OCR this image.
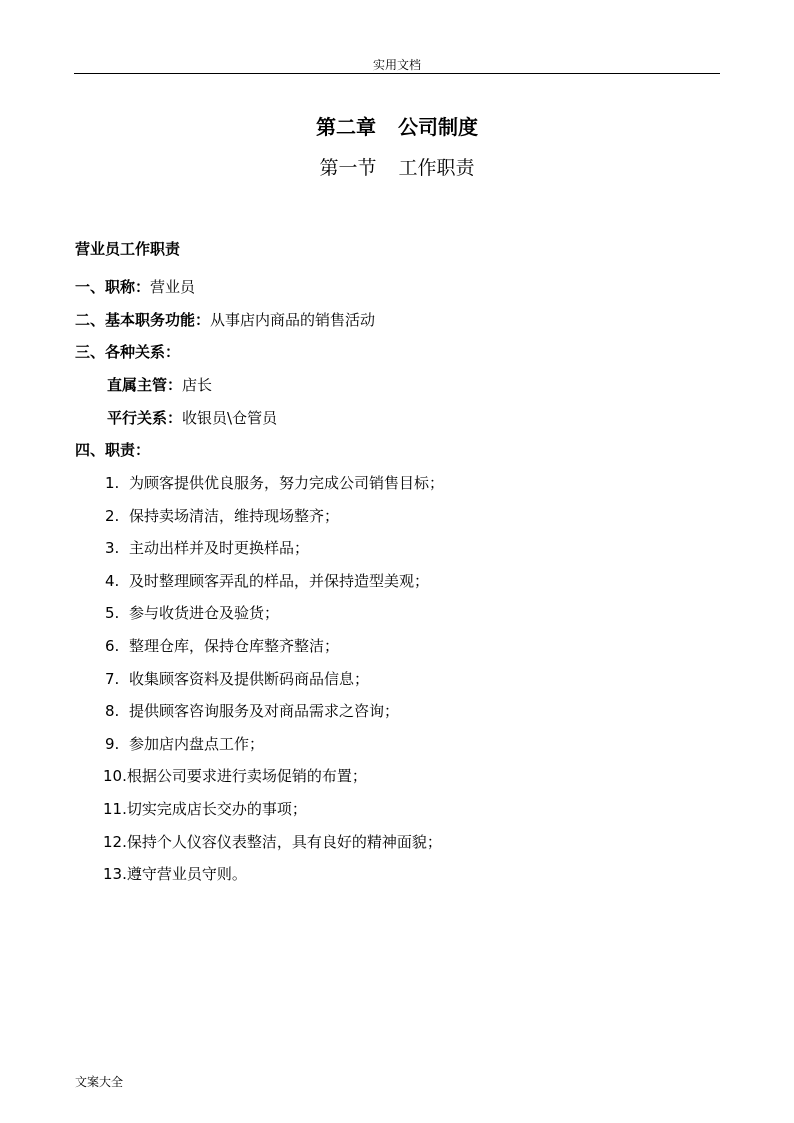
实用文档
第二章 公司制度
第一节 工作职责
营业员工作职责
一、职称：营业员
二、基本职务功能：从事店内商品的销售活动
三、各种关系：
直属主管：店长
平行关系：收银员\仓管员
四、职责：
1. 为顾客提供优良服务，努力完成公司销售目标；
2. 保持卖场清洁，维持现场整齐；
3. 主动出样并及时更换样品；
4. 及时整理顾客弄乱的样品，并保持造型美观；
5. 参与收货进仓及验货；
6. 整理仓库，保持仓库整齐整洁；
7. 收集顾客资料及提供断码商品信息；
8. 提供顾客咨询服务及对商品需求之咨询；
9. 参加店内盘点工作；
10.根据公司要求进行卖场促销的布置；
11.切实完成店长交办的事项；
12.保持个人仪容仪表整洁，具有良好的精神面貌；
13.遵守营业员守则。
文案大全
